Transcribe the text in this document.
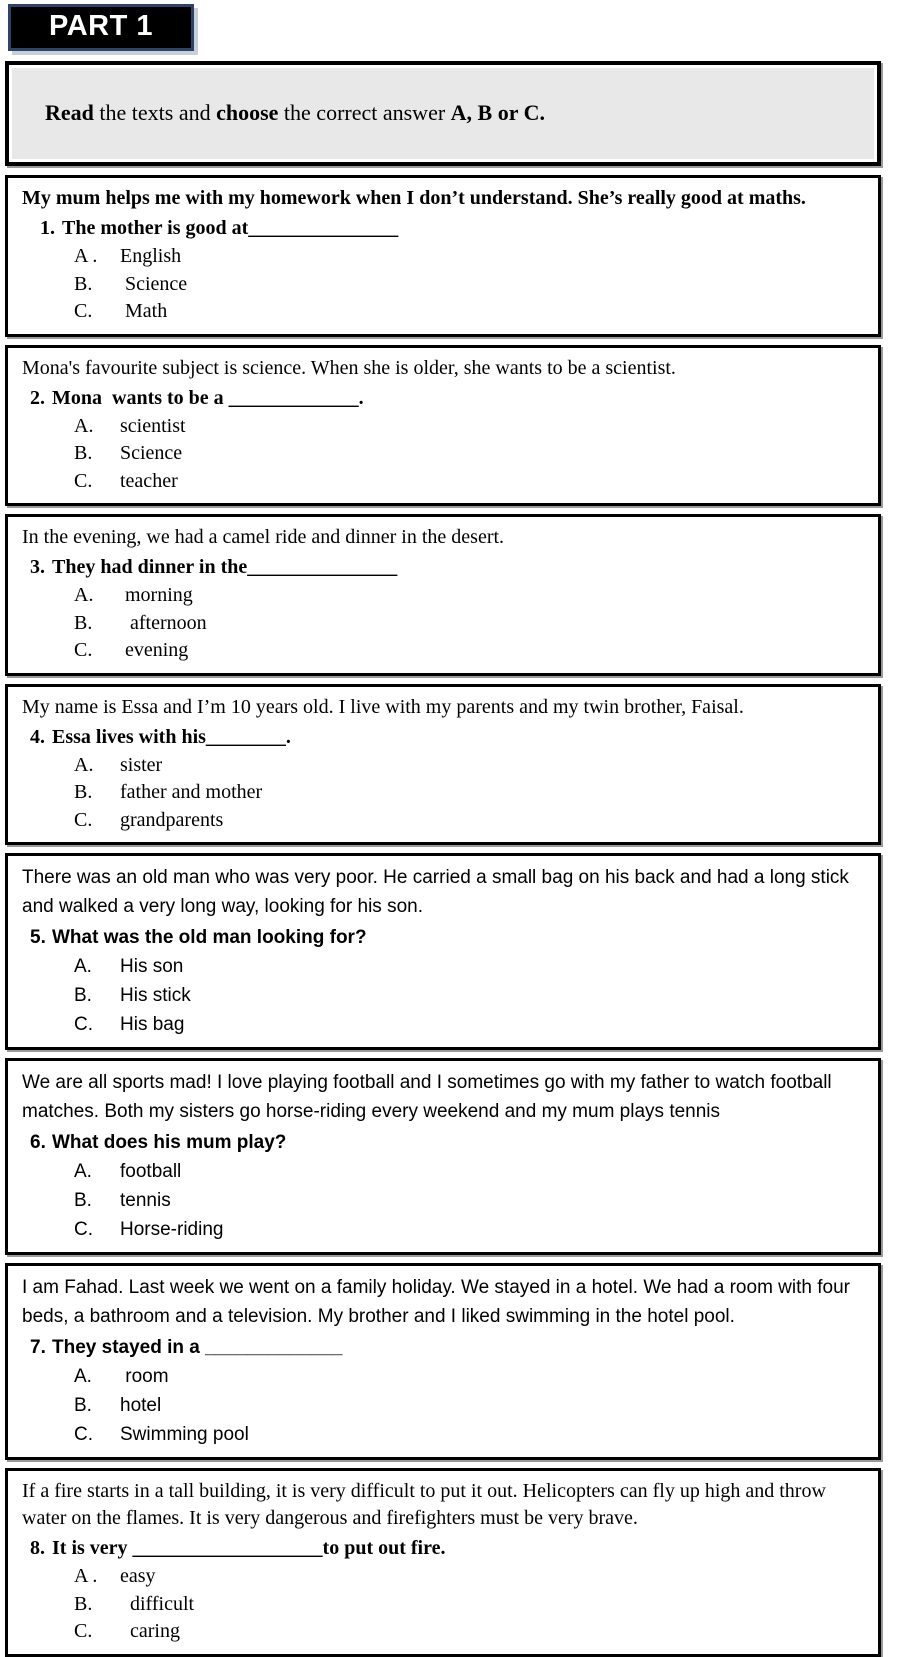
PART 1

Read the texts and choose the correct answer A, B or C.

My mum helps me with my homework when I don’t understand. She’s really good at maths.
1. The mother is good at_______________
A .	English
B.	Science
C.	Math
Mona's favourite subject is science. When she is older, she wants to be a scientist.
2. Mona  wants to be a _____________.
A.	scientist
B.	Science
C.	teacher
In the evening, we had a camel ride and dinner in the desert.
3. They had dinner in the_______________
A.	morning
B.	afternoon
C.	evening
My name is Essa and I’m 10 years old. I live with my parents and my twin brother, Faisal.
4. Essa lives with his________.
A.	sister
B.	father and mother
C.	grandparents
There was an old man who was very poor. He carried a small bag on his back and had a long stick and walked a very long way, looking for his son.
5. What was the old man looking for?
A.	His son
B.	His stick
C.	His bag
We are all sports mad! I love playing football and I sometimes go with my father to watch football matches. Both my sisters go horse-riding every weekend and my mum plays tennis
6. What does his mum play?
A.	football
B.	tennis
C.	Horse-riding
I am Fahad. Last week we went on a family holiday. We stayed in a hotel. We had a room with four beds, a bathroom and a television. My brother and I liked swimming in the hotel pool.
7. They stayed in a _____________
A.	room
B.	hotel
C.	Swimming pool
If a fire starts in a tall building, it is very difficult to put it out. Helicopters can fly up high and throw water on the flames. It is very dangerous and firefighters must be very brave.
8. It is very ___________________to put out fire.
A .	easy
B.	difficult
C.	caring
